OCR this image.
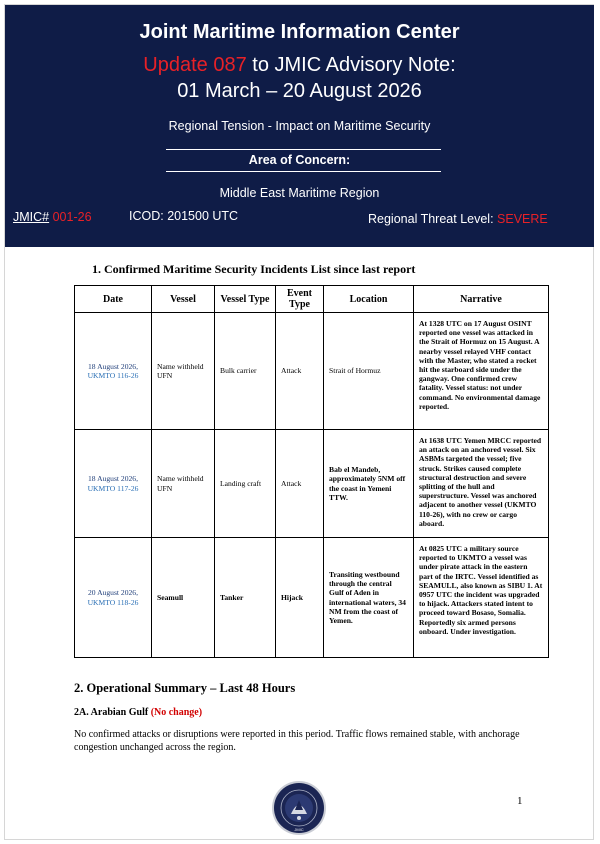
Joint Maritime Information Center
Update 087 to JMIC Advisory Note:
01 March – 20 August 2026
Regional Tension - Impact on Maritime Security
Area of Concern:
Middle East Maritime Region
JMIC# 001-26	ICOD: 201500 UTC	Regional Threat Level: SEVERE
1. Confirmed Maritime Security Incidents List since last report
Date	Vessel	Vessel Type	Event Type	Location	Narrative
18 August 2026,
UKMTO 116-26	Name withheld UFN	Bulk carrier	Attack	Strait of Hormuz	At 1328 UTC on 17 August OSINT reported one vessel was attacked in the Strait of Hormuz on 15 August. A nearby vessel relayed VHF contact with the Master, who stated a rocket hit the starboard side under the gangway. One confirmed crew fatality. Vessel status: not under command. No environmental damage reported.
18 August 2026,
UKMTO 117-26	Name withheld UFN	Landing craft	Attack	Bab el Mandeb, approximately 5NM off the coast in Yemeni TTW.	At 1638 UTC Yemen MRCC reported an attack on an anchored vessel. Six ASBMs targeted the vessel; five struck. Strikes caused complete structural destruction and severe splitting of the hull and superstructure. Vessel was anchored adjacent to another vessel (UKMTO 110-26), with no crew or cargo aboard.
20 August 2026,
UKMTO 118-26	Seamull	Tanker	Hijack	Transiting westbound through the central Gulf of Aden in international waters, 34 NM from the coast of Yemen.	At 0825 UTC a military source reported to UKMTO a vessel was under pirate attack in the eastern part of the IRTC. Vessel identified as SEAMULL, also known as SIBU 1. At 0957 UTC the incident was upgraded to hijack. Attackers stated intent to proceed toward Bosaso, Somalia. Reportedly six armed persons onboard. Under investigation.
2. Operational Summary – Last 48 Hours
2A. Arabian Gulf (No change)
No confirmed attacks or disruptions were reported in this period. Traffic flows remained stable, with anchorage congestion unchanged across the region.
JMIC
1
